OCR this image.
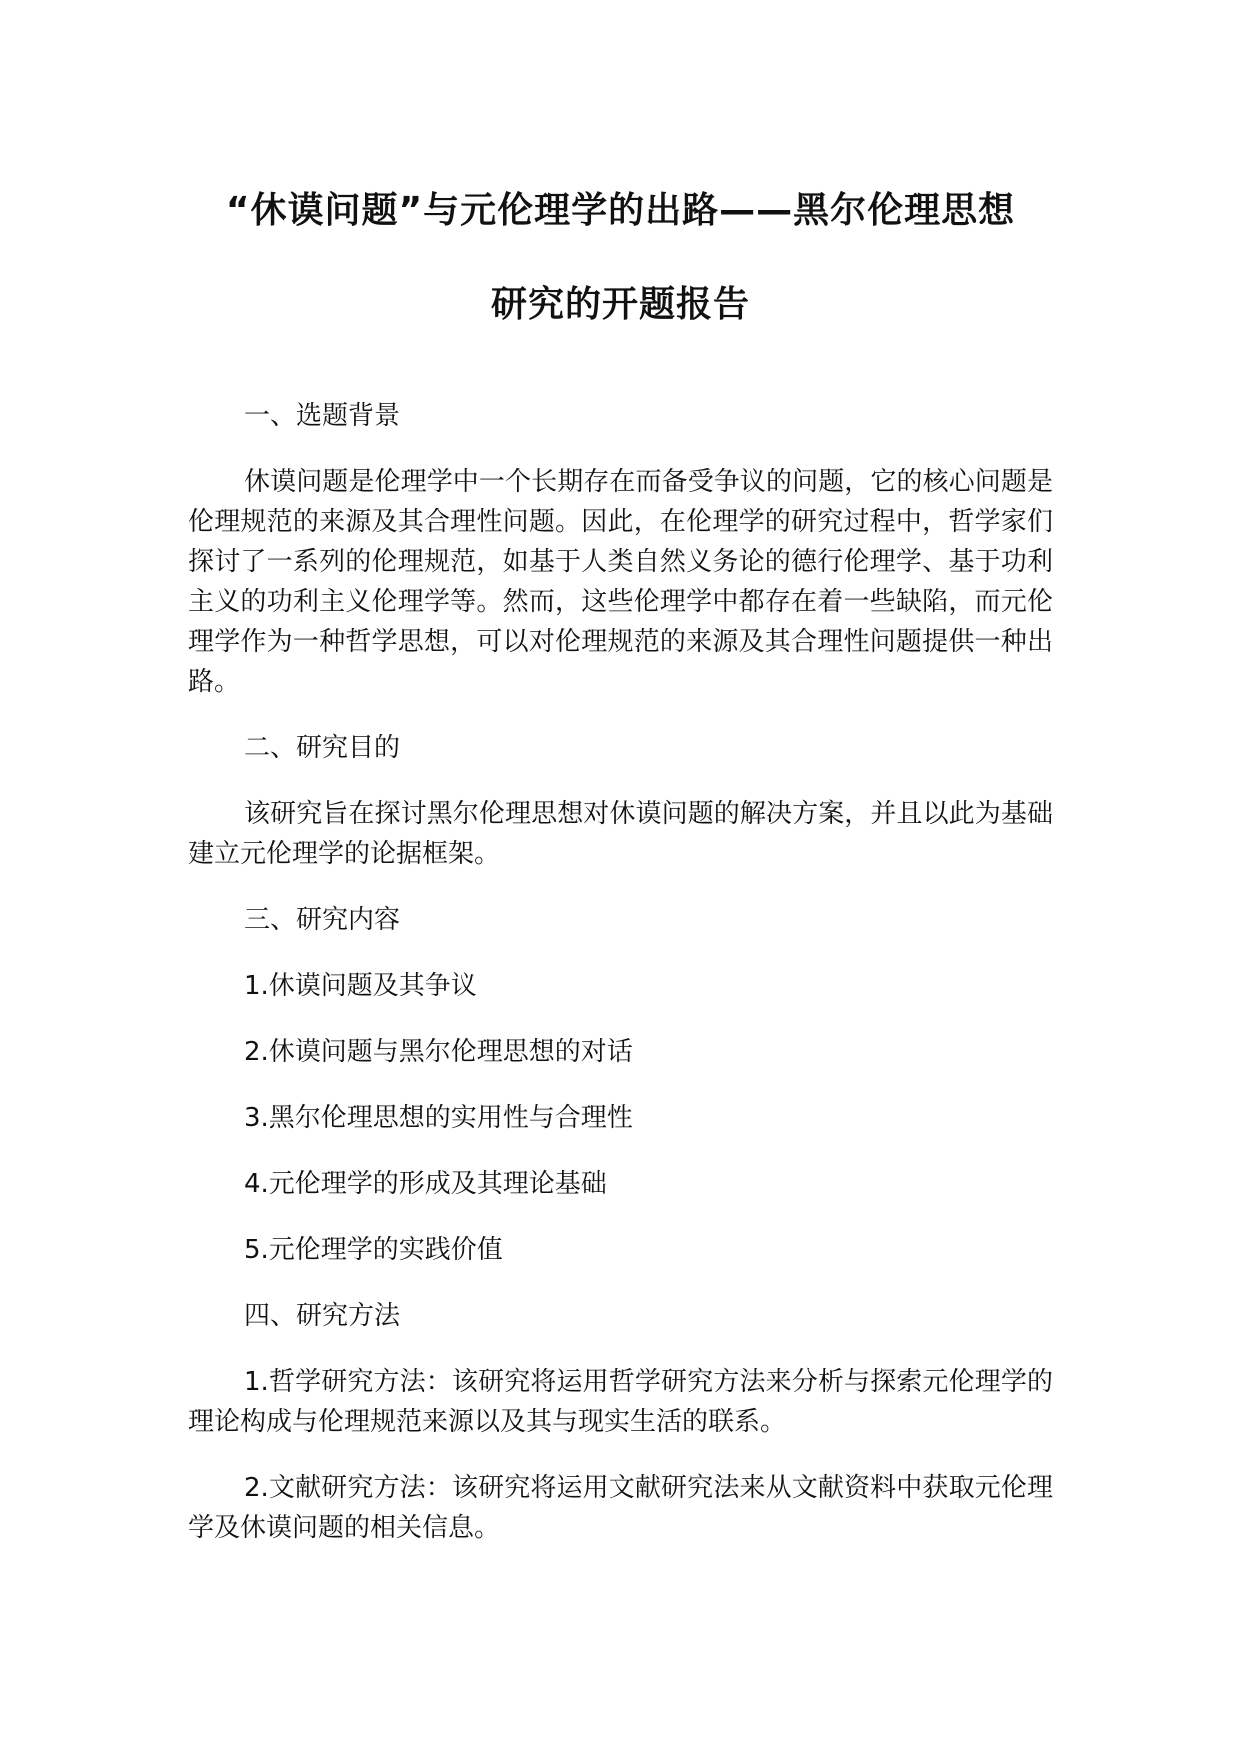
“休谟问题”与元伦理学的出路——黑尔伦理思想
研究的开题报告

一、选题背景

休谟问题是伦理学中一个长期存在而备受争议的问题，它的核心问题是伦理规范的来源及其合理性问题。因此，在伦理学的研究过程中，哲学家们探讨了一系列的伦理规范，如基于人类自然义务论的德行伦理学、基于功利主义的功利主义伦理学等。然而，这些伦理学中都存在着一些缺陷，而元伦理学作为一种哲学思想，可以对伦理规范的来源及其合理性问题提供一种出路。

二、研究目的

该研究旨在探讨黑尔伦理思想对休谟问题的解决方案，并且以此为基础建立元伦理学的论据框架。

三、研究内容

1.休谟问题及其争议

2.休谟问题与黑尔伦理思想的对话

3.黑尔伦理思想的实用性与合理性

4.元伦理学的形成及其理论基础

5.元伦理学的实践价值

四、研究方法

1.哲学研究方法：该研究将运用哲学研究方法来分析与探索元伦理学的理论构成与伦理规范来源以及其与现实生活的联系。

2.文献研究方法：该研究将运用文献研究法来从文献资料中获取元伦理学及休谟问题的相关信息。
